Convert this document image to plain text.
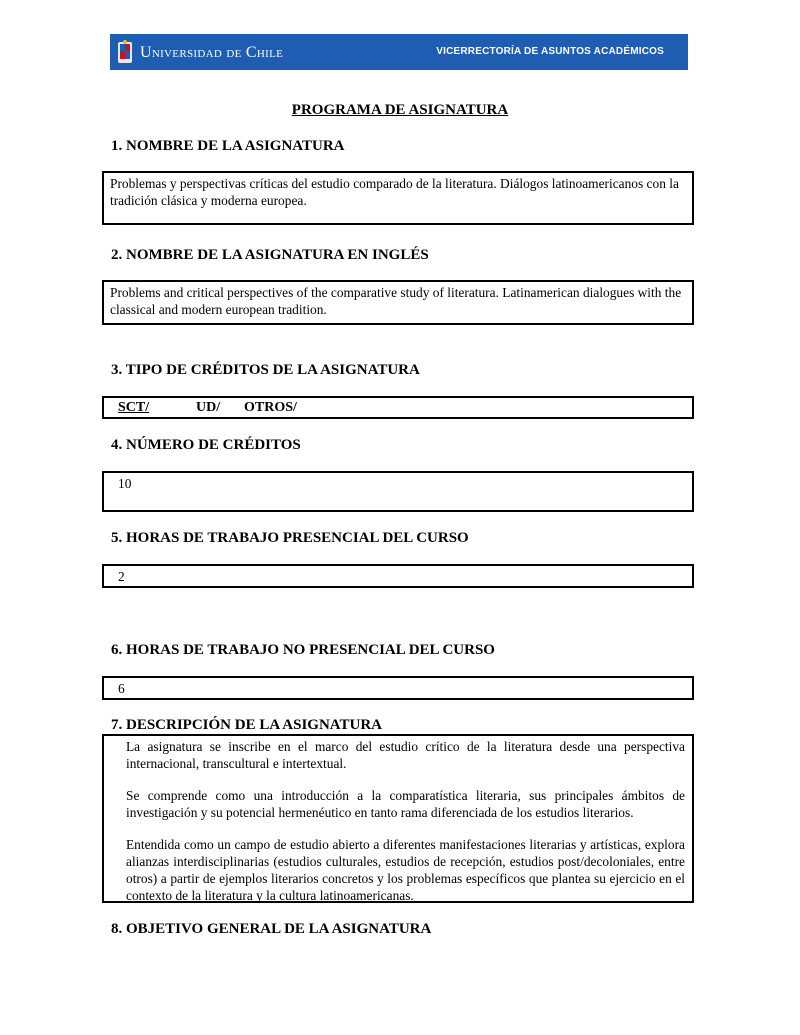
Universidad de Chile	VICERRECTORÍA DE ASUNTOS ACADÉMICOS
PROGRAMA DE ASIGNATURA
1. NOMBRE DE LA ASIGNATURA
Problemas y perspectivas críticas del estudio comparado de la literatura. Diálogos latinoamericanos con la tradición clásica y moderna europea.
2. NOMBRE DE LA ASIGNATURA EN INGLÉS
Problems and critical perspectives of the comparative study of literatura. Latinamerican dialogues with the classical and modern european tradition.
3. TIPO DE CRÉDITOS DE LA ASIGNATURA
SCT/	UD/ OTROS/
4. NÚMERO DE CRÉDITOS
10
5. HORAS DE TRABAJO PRESENCIAL DEL CURSO
2
6. HORAS DE TRABAJO NO PRESENCIAL DEL CURSO
6
7. DESCRIPCIÓN DE LA ASIGNATURA

La asignatura se inscribe en el marco del estudio crítico de la literatura desde una perspectiva internacional, transcultural e intertextual.

Se comprende como una introducción a la comparatística literaria, sus principales ámbitos de investigación y su potencial hermenéutico en tanto rama diferenciada de los estudios literarios.

Entendida como un campo de estudio abierto a diferentes manifestaciones literarias y artísticas, explora alianzas interdisciplinarias (estudios culturales, estudios de recepción, estudios post/decoloniales, entre otros) a partir de ejemplos literarios concretos y los problemas específicos que plantea su ejercicio en el contexto de la literatura y la cultura latinoamericanas.

8. OBJETIVO GENERAL DE LA ASIGNATURA
